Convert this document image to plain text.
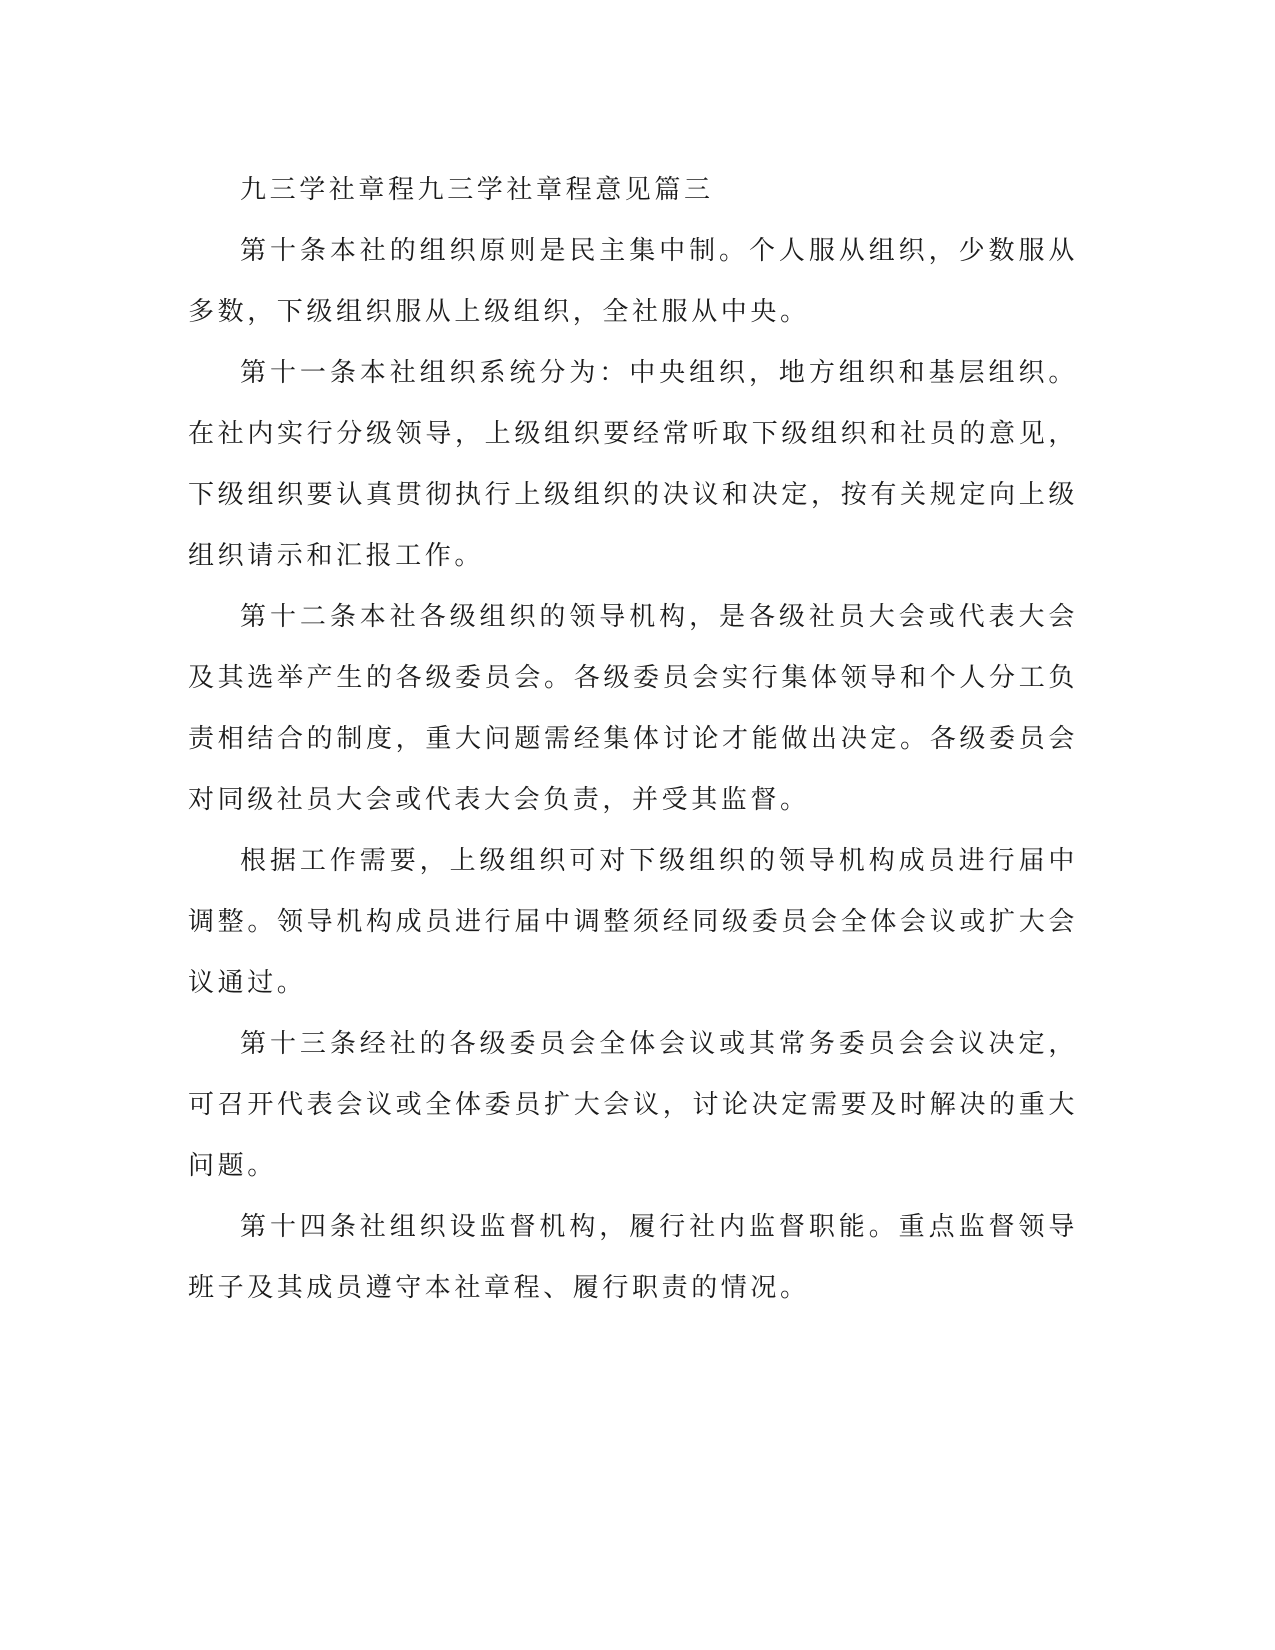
九三学社章程九三学社章程意见篇三

第十条本社的组织原则是民主集中制。个人服从组织，少数服从多数，下级组织服从上级组织，全社服从中央。

第十一条本社组织系统分为：中央组织，地方组织和基层组织。在社内实行分级领导，上级组织要经常听取下级组织和社员的意见，下级组织要认真贯彻执行上级组织的决议和决定，按有关规定向上级组织请示和汇报工作。

第十二条本社各级组织的领导机构，是各级社员大会或代表大会及其选举产生的各级委员会。各级委员会实行集体领导和个人分工负责相结合的制度，重大问题需经集体讨论才能做出决定。各级委员会对同级社员大会或代表大会负责，并受其监督。

根据工作需要，上级组织可对下级组织的领导机构成员进行届中调整。领导机构成员进行届中调整须经同级委员会全体会议或扩大会议通过。

第十三条经社的各级委员会全体会议或其常务委员会会议决定，可召开代表会议或全体委员扩大会议，讨论决定需要及时解决的重大问题。

第十四条社组织设监督机构，履行社内监督职能。重点监督领导班子及其成员遵守本社章程、履行职责的情况。
